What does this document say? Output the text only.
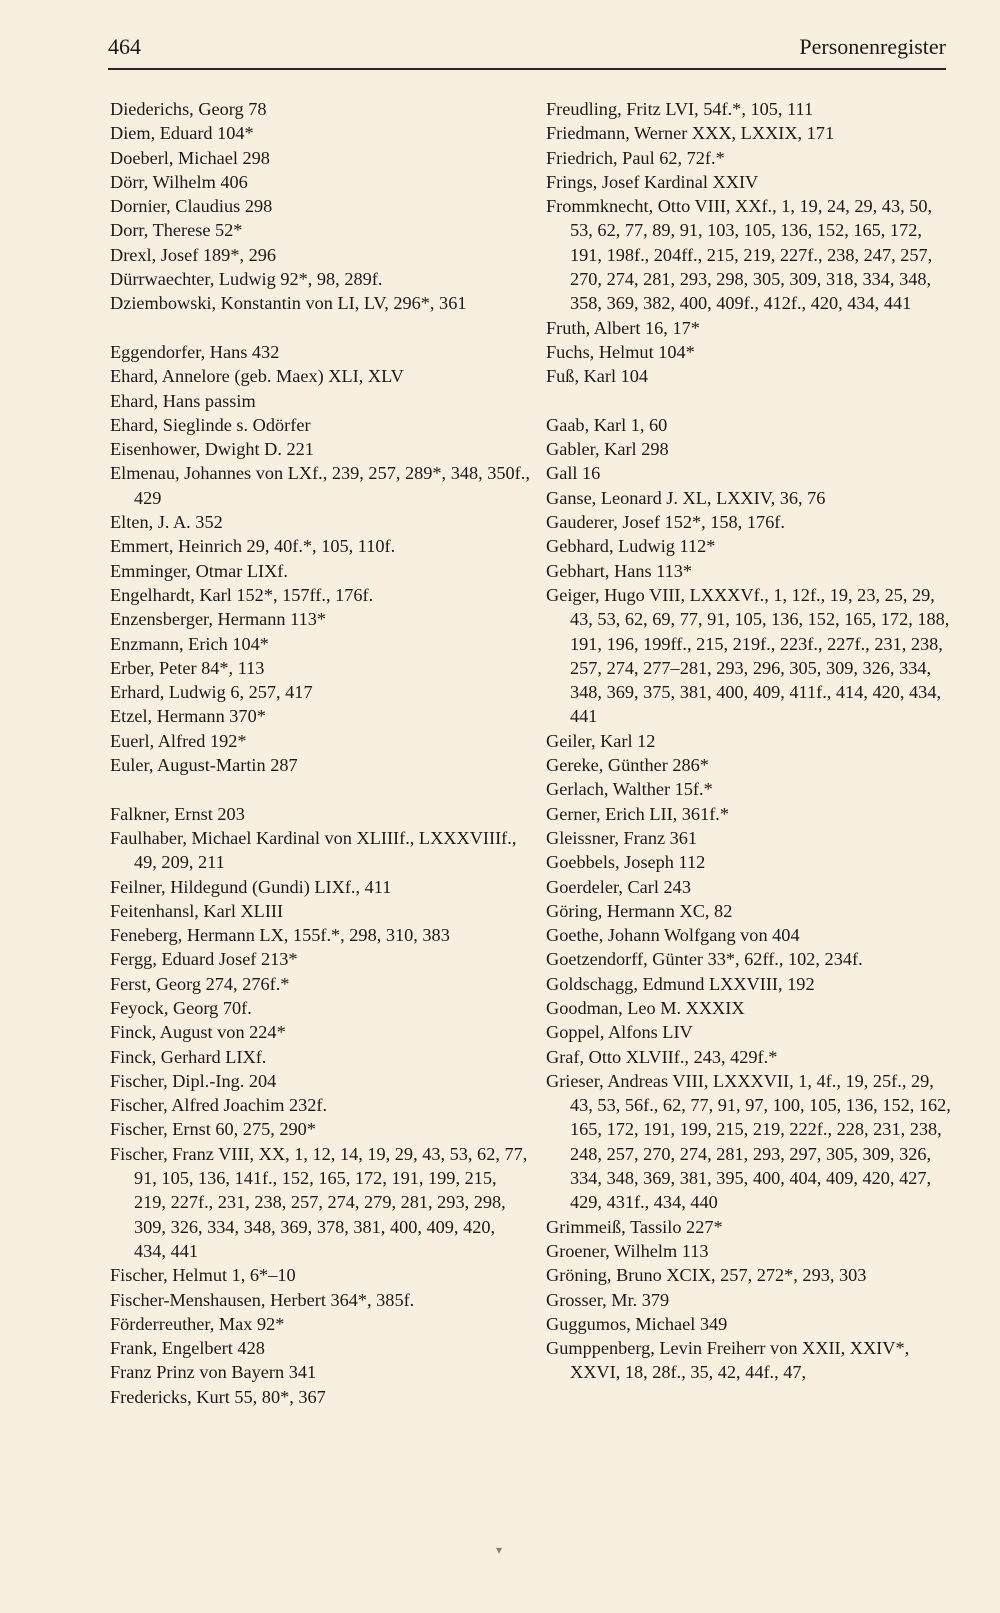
464	Personenregister
Diederichs, Georg 78
Diem, Eduard 104*
Doeberl, Michael 298
Dörr, Wilhelm 406
Dornier, Claudius 298
Dorr, Therese 52*
Drexl, Josef 189*, 296
Dürrwaechter, Ludwig 92*, 98, 289f.
Dziembowski, Konstantin von LI, LV, 296*, 361
Eggendorfer, Hans 432
Ehard, Annelore (geb. Maex) XLI, XLV
Ehard, Hans passim
Ehard, Sieglinde s. Odörfer
Eisenhower, Dwight D. 221
Elmenau, Johannes von LXf., 239, 257, 289*, 348, 350f., 429
Elten, J. A. 352
Emmert, Heinrich 29, 40f.*, 105, 110f.
Emminger, Otmar LIXf.
Engelhardt, Karl 152*, 157ff., 176f.
Enzensberger, Hermann 113*
Enzmann, Erich 104*
Erber, Peter 84*, 113
Erhard, Ludwig 6, 257, 417
Etzel, Hermann 370*
Euerl, Alfred 192*
Euler, August-Martin 287
Falkner, Ernst 203
Faulhaber, Michael Kardinal von XLIIIf., LXXXVIIIf., 49, 209, 211
Feilner, Hildegund (Gundi) LIXf., 411
Feitenhansl, Karl XLIII
Feneberg, Hermann LX, 155f.*, 298, 310, 383
Fergg, Eduard Josef 213*
Ferst, Georg 274, 276f.*
Feyock, Georg 70f.
Finck, August von 224*
Finck, Gerhard LIXf.
Fischer, Dipl.-Ing. 204
Fischer, Alfred Joachim 232f.
Fischer, Ernst 60, 275, 290*
Fischer, Franz VIII, XX, 1, 12, 14, 19, 29, 43, 53, 62, 77, 91, 105, 136, 141f., 152, 165, 172, 191, 199, 215, 219, 227f., 231, 238, 257, 274, 279, 281, 293, 298, 309, 326, 334, 348, 369, 378, 381, 400, 409, 420, 434, 441
Fischer, Helmut 1, 6*–10
Fischer-Menshausen, Herbert 364*, 385f.
Förderreuther, Max 92*
Frank, Engelbert 428
Franz Prinz von Bayern 341
Fredericks, Kurt 55, 80*, 367
Freudling, Fritz LVI, 54f.*, 105, 111
Friedmann, Werner XXX, LXXIX, 171
Friedrich, Paul 62, 72f.*
Frings, Josef Kardinal XXIV
Frommknecht, Otto VIII, XXf., 1, 19, 24, 29, 43, 50, 53, 62, 77, 89, 91, 103, 105, 136, 152, 165, 172, 191, 198f., 204ff., 215, 219, 227f., 238, 247, 257, 270, 274, 281, 293, 298, 305, 309, 318, 334, 348, 358, 369, 382, 400, 409f., 412f., 420, 434, 441
Fruth, Albert 16, 17*
Fuchs, Helmut 104*
Fuß, Karl 104
Gaab, Karl 1, 60
Gabler, Karl 298
Gall 16
Ganse, Leonard J. XL, LXXIV, 36, 76
Gauderer, Josef 152*, 158, 176f.
Gebhard, Ludwig 112*
Gebhart, Hans 113*
Geiger, Hugo VIII, LXXXVf., 1, 12f., 19, 23, 25, 29, 43, 53, 62, 69, 77, 91, 105, 136, 152, 165, 172, 188, 191, 196, 199ff., 215, 219f., 223f., 227f., 231, 238, 257, 274, 277–281, 293, 296, 305, 309, 326, 334, 348, 369, 375, 381, 400, 409, 411f., 414, 420, 434, 441
Geiler, Karl 12
Gereke, Günther 286*
Gerlach, Walther 15f.*
Gerner, Erich LII, 361f.*
Gleissner, Franz 361
Goebbels, Joseph 112
Goerdeler, Carl 243
Göring, Hermann XC, 82
Goethe, Johann Wolfgang von 404
Goetzendorff, Günter 33*, 62ff., 102, 234f.
Goldschagg, Edmund LXXVIII, 192
Goodman, Leo M. XXXIX
Goppel, Alfons LIV
Graf, Otto XLVIIf., 243, 429f.*
Grieser, Andreas VIII, LXXXVII, 1, 4f., 19, 25f., 29, 43, 53, 56f., 62, 77, 91, 97, 100, 105, 136, 152, 162, 165, 172, 191, 199, 215, 219, 222f., 228, 231, 238, 248, 257, 270, 274, 281, 293, 297, 305, 309, 326, 334, 348, 369, 381, 395, 400, 404, 409, 420, 427, 429, 431f., 434, 440
Grimmeiß, Tassilo 227*
Groener, Wilhelm 113
Gröning, Bruno XCIX, 257, 272*, 293, 303
Grosser, Mr. 379
Guggumos, Michael 349
Gumppenberg, Levin Freiherr von XXII, XXIV*, XXVI, 18, 28f., 35, 42, 44f., 47,
▾
